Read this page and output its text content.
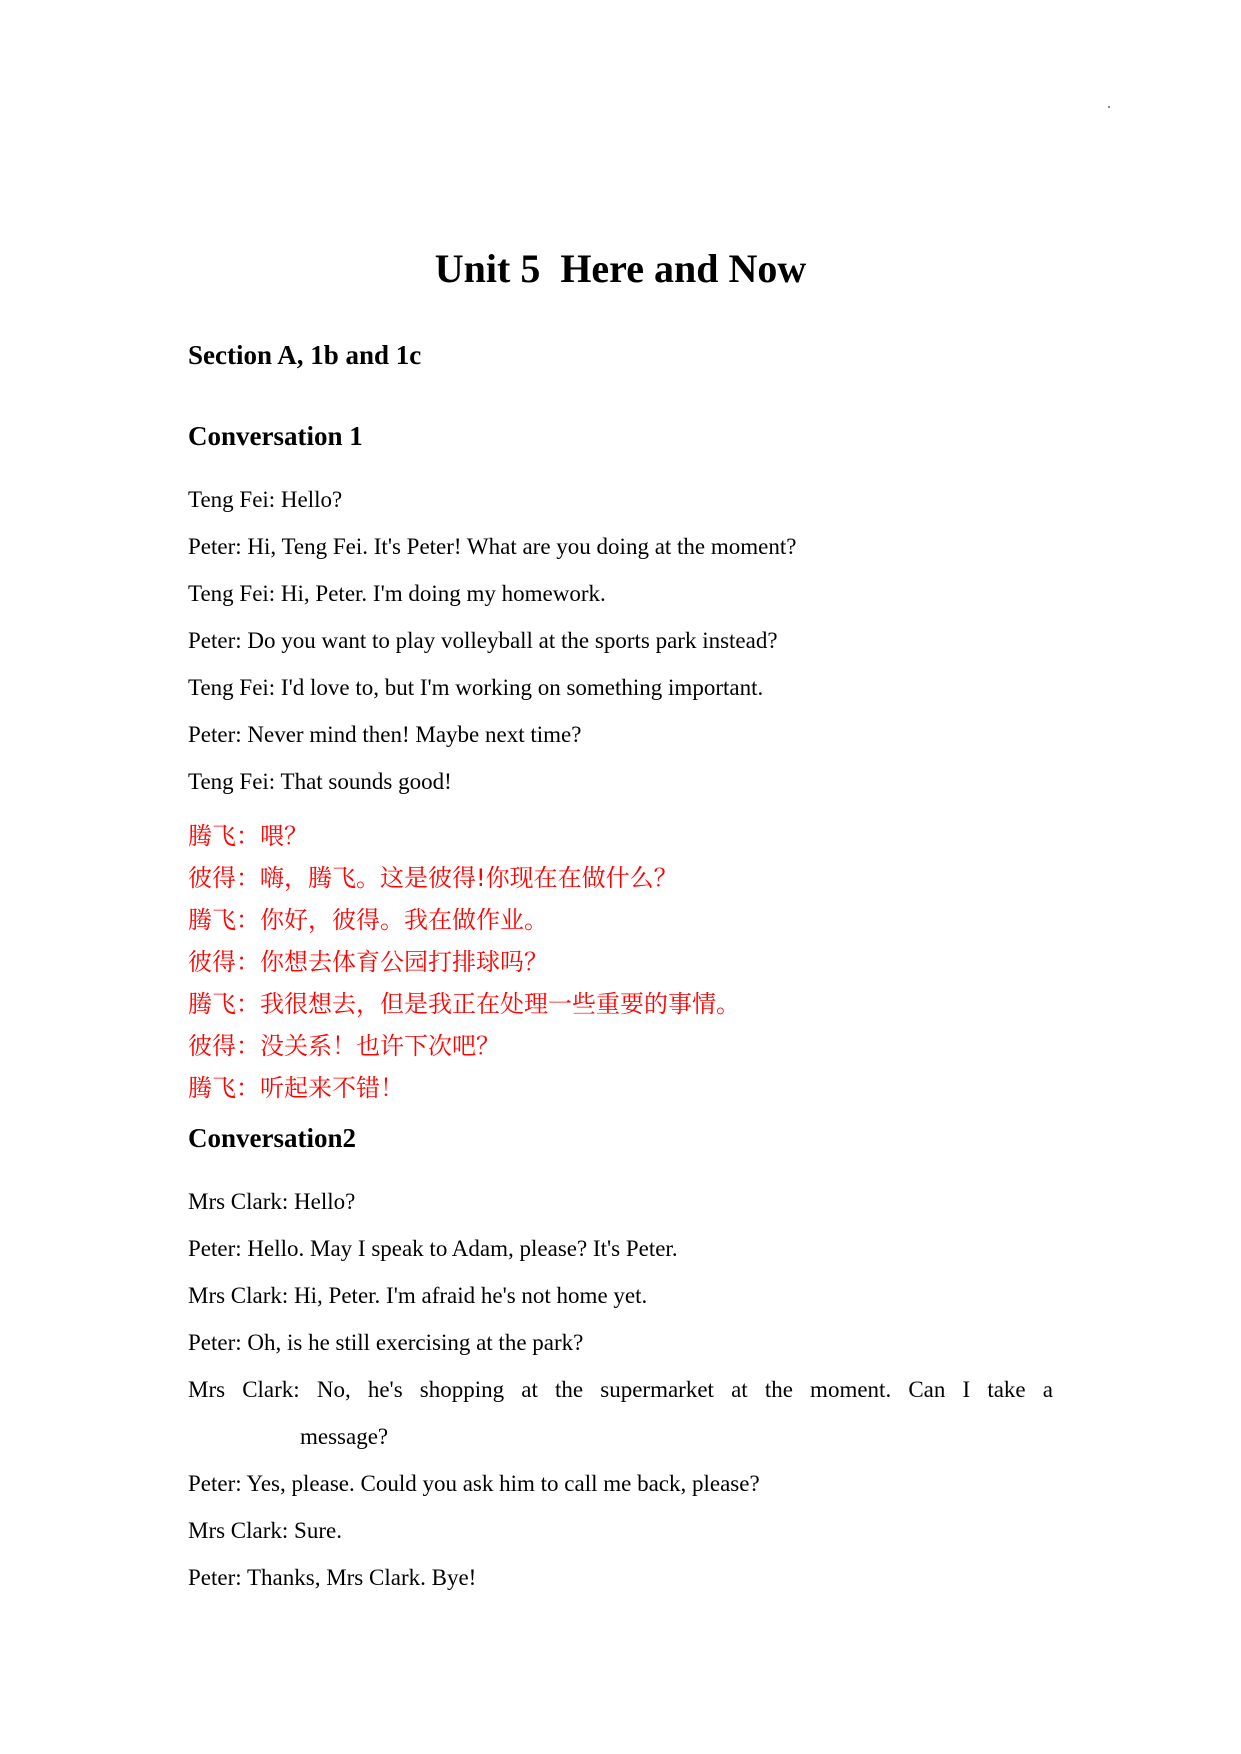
Unit 5  Here and Now
Section A, 1b and 1c
Conversation 1
Teng Fei: Hello?
Peter: Hi, Teng Fei. It's Peter! What are you doing at the moment?
Teng Fei: Hi, Peter. I'm doing my homework.
Peter: Do you want to play volleyball at the sports park instead?
Teng Fei: I'd love to, but I'm working on something important.
Peter: Never mind then! Maybe next time?
Teng Fei: That sounds good!
腾飞：喂？
彼得：嗨，腾飞。这是彼得!你现在在做什么？
腾飞：你好，彼得。我在做作业。
彼得：你想去体育公园打排球吗？
腾飞：我很想去，但是我正在处理一些重要的事情。
彼得：没关系！也许下次吧？
腾飞：听起来不错！
Conversation2
Mrs Clark: Hello?
Peter: Hello. May I speak to Adam, please? It's Peter.
Mrs Clark: Hi, Peter. I'm afraid he's not home yet.
Peter: Oh, is he still exercising at the park?
Mrs Clark: No, he's shopping at the supermarket at the moment. Can I take a
message?
Peter: Yes, please. Could you ask him to call me back, please?
Mrs Clark: Sure.
Peter: Thanks, Mrs Clark. Bye!
